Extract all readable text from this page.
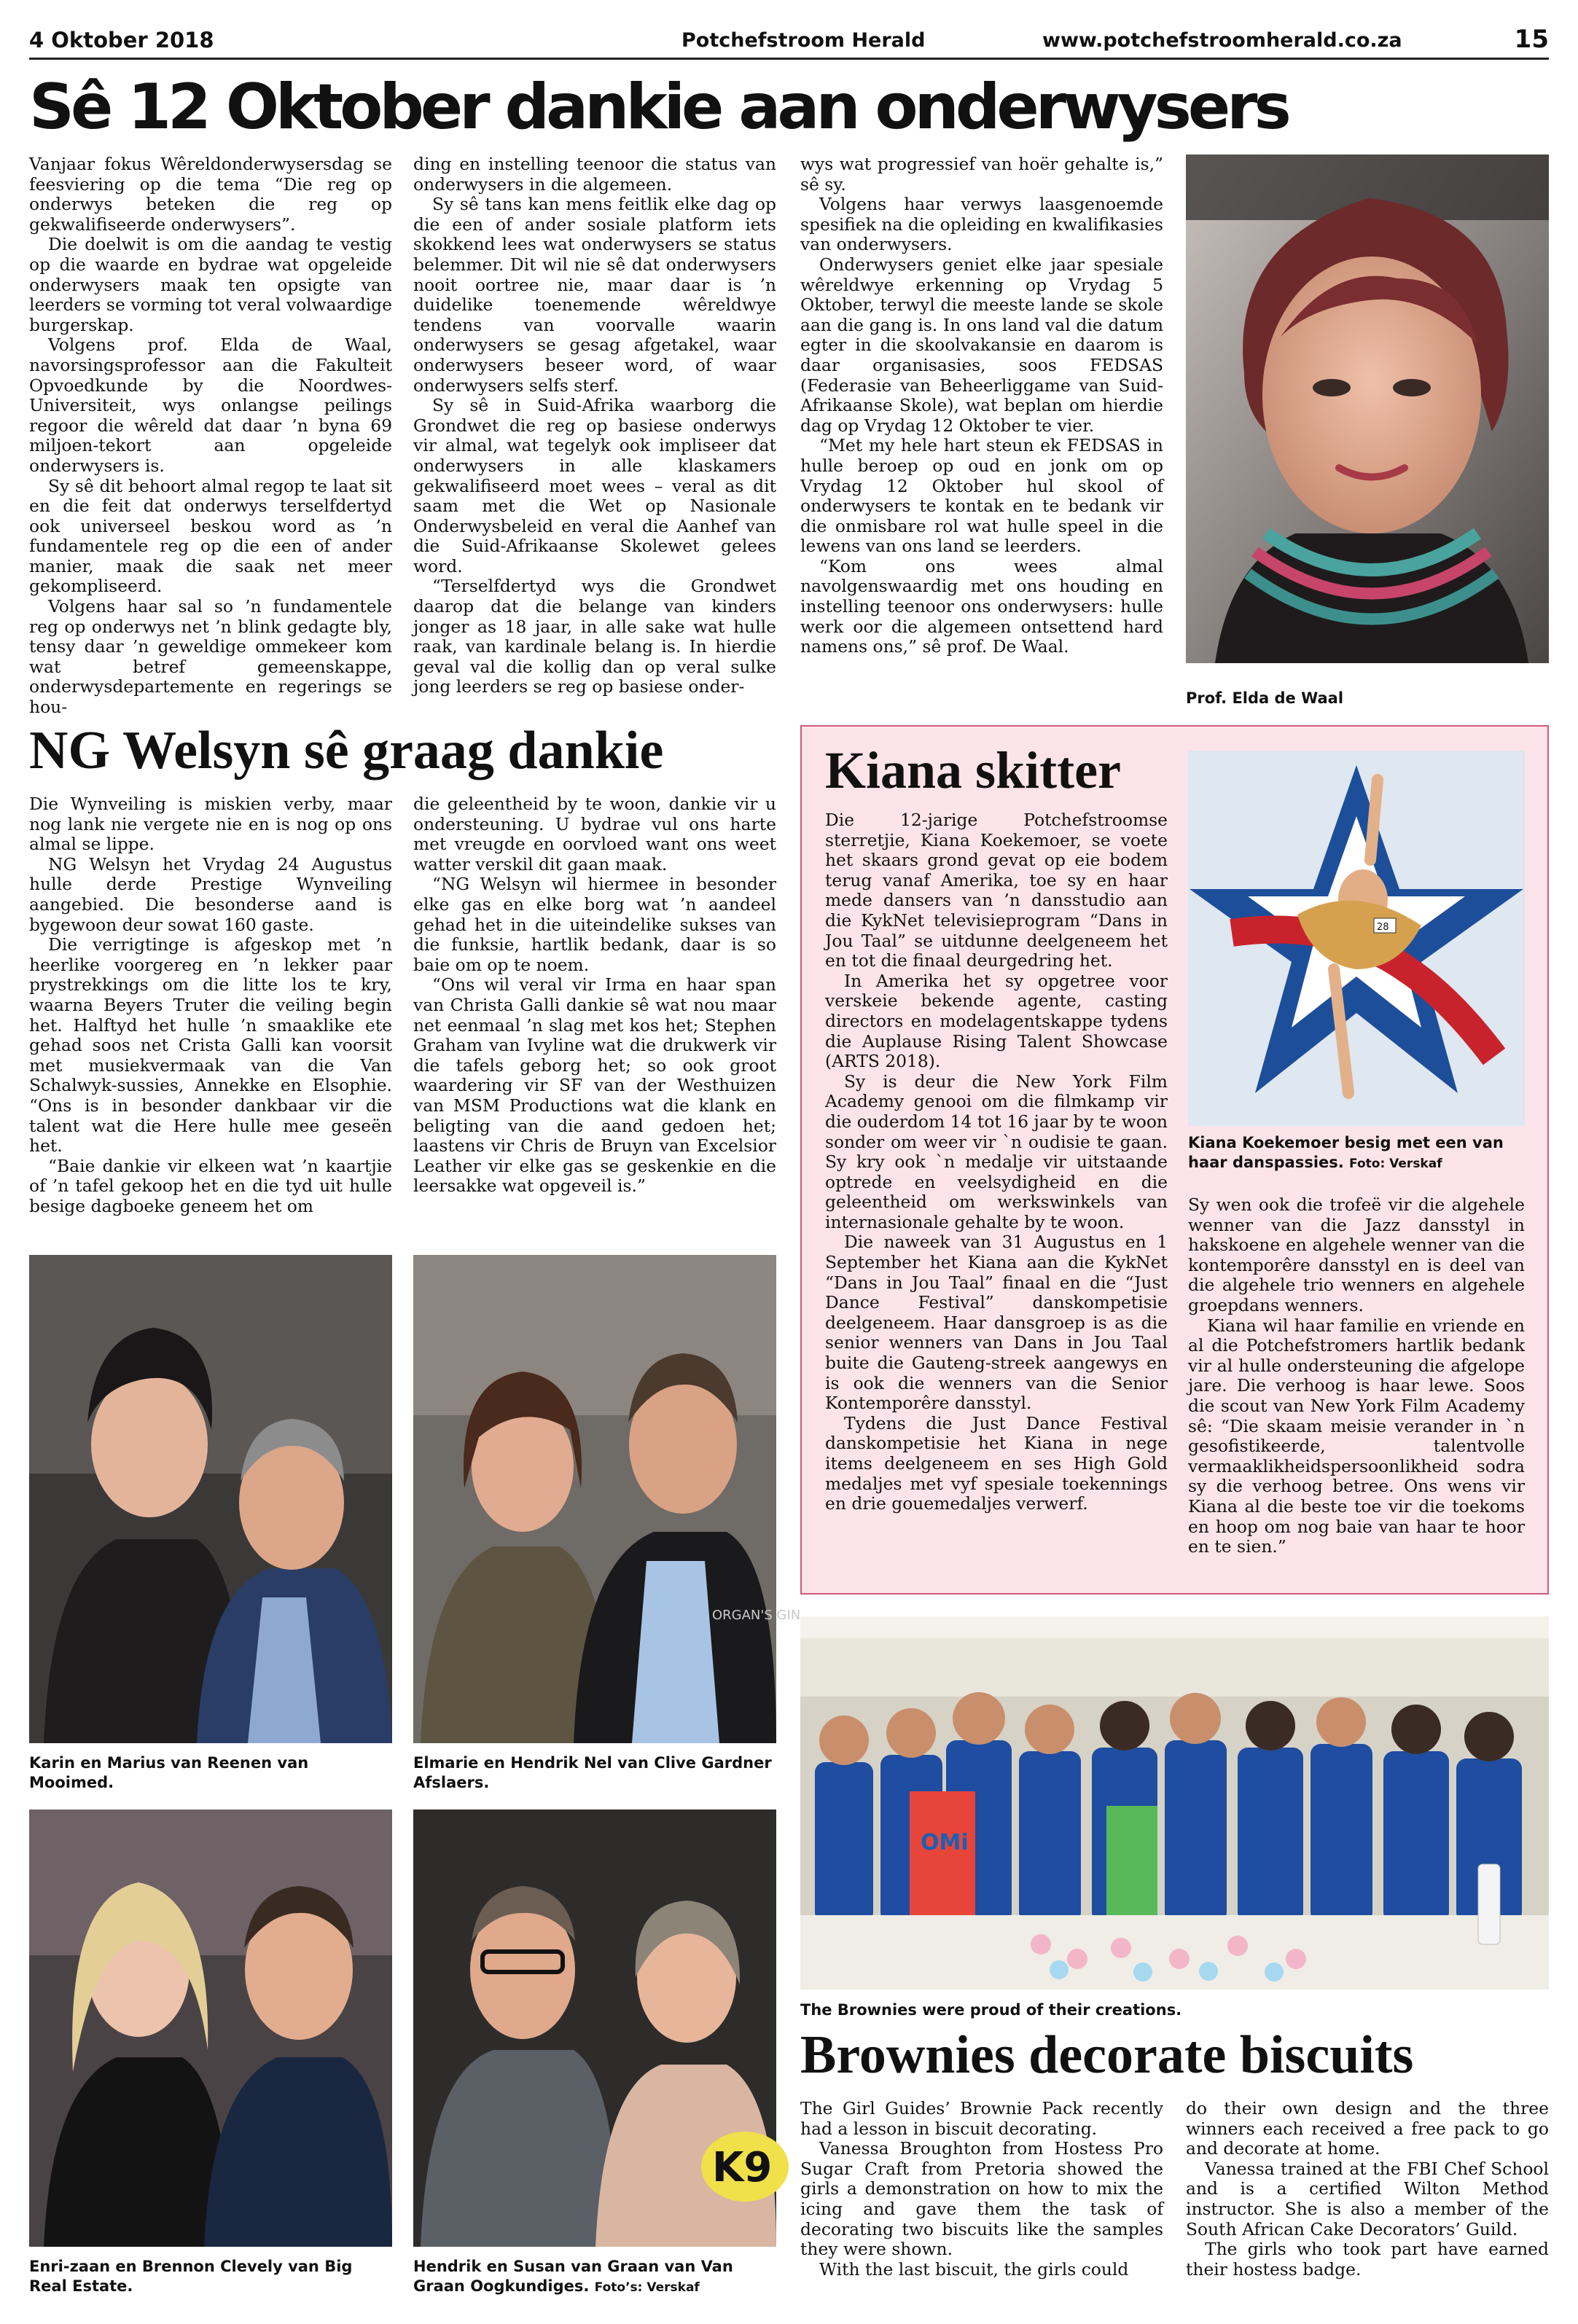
4 Oktober 2018	Potchefstroom Herald	www.potchefstroomherald.co.za	15
Sê 12 Oktober dankie aan onderwysers

Vanjaar fokus Wêreldonderwysersdag se feesviering op die tema “Die reg op onderwys beteken die reg op gekwalifiseerde onderwysers”.

Die doelwit is om die aandag te vestig op die waarde en bydrae wat opgeleide onderwysers maak ten opsigte van leerders se vorming tot veral volwaardige burgerskap.

Volgens prof. Elda de Waal, navorsingsprofessor aan die Fakulteit Opvoedkunde by die Noordwes-Universiteit, wys onlangse peilings regoor die wêreld dat daar ’n byna 69 miljoen-tekort aan opgeleide onderwysers is.

Sy sê dit behoort almal regop te laat sit en die feit dat onderwys terselfdertyd ook universeel beskou word as ’n fundamentele reg op die een of ander manier, maak die saak net meer gekompliseerd.

Volgens haar sal so ’n fundamentele reg op onderwys net ’n blink gedagte bly, tensy daar ’n geweldige ommekeer kom wat betref gemeenskappe, onderwysdepartemente en regerings se hou-

ding en instelling teenoor die status van onderwysers in die algemeen.

Sy sê tans kan mens feitlik elke dag op die een of ander sosiale platform iets skokkend lees wat onderwysers se status belemmer. Dit wil nie sê dat onderwysers nooit oortree nie, maar daar is ’n duidelike toenemende wêreldwye tendens van voorvalle waarin onderwysers se gesag afgetakel, waar onderwysers beseer word, of waar onderwysers selfs sterf.

Sy sê in Suid-Afrika waarborg die Grondwet die reg op basiese onderwys vir almal, wat tegelyk ook impliseer dat onderwysers in alle klaskamers gekwalifiseerd moet wees – veral as dit saam met die Wet op Nasionale Onderwysbeleid en veral die Aanhef van die Suid-Afrikaanse Skolewet gelees word.

“Terselfdertyd wys die Grondwet daarop dat die belange van kinders jonger as 18 jaar, in alle sake wat hulle raak, van kardinale belang is. In hierdie geval val die kollig dan op veral sulke jong leerders se reg op basiese onder-

wys wat progressief van hoër gehalte is,” sê sy.

Volgens haar verwys laasgenoemde spesifiek na die opleiding en kwalifikasies van onderwysers.

Onderwysers geniet elke jaar spesiale wêreldwye erkenning op Vrydag 5 Oktober, terwyl die meeste lande se skole aan die gang is. In ons land val die datum egter in die skoolvakansie en daarom is daar organisasies, soos FEDSAS (Federasie van Beheerliggame van Suid-Afrikaanse Skole), wat beplan om hierdie dag op Vrydag 12 Oktober te vier.

“Met my hele hart steun ek FEDSAS in hulle beroep op oud en jonk om op Vrydag 12 Oktober hul skool of onderwysers te kontak en te bedank vir die onmisbare rol wat hulle speel in die lewens van ons land se leerders.

“Kom ons wees almal navolgenswaardig met ons houding en instelling teenoor ons onderwysers: hulle werk oor die algemeen ontsettend hard namens ons,” sê prof. De Waal.

Prof. Elda de Waal
NG Welsyn sê graag dankie

Die Wynveiling is miskien verby, maar nog lank nie vergete nie en is nog op ons almal se lippe.

NG Welsyn het Vrydag 24 Augustus hulle derde Prestige Wynveiling aangebied. Die besonderse aand is bygewoon deur sowat 160 gaste.

Die verrigtinge is afgeskop met ’n heerlike voorgereg en ’n lekker paar prystrekkings om die litte los te kry, waarna Beyers Truter die veiling begin het. Halftyd het hulle ’n smaaklike ete gehad soos net Crista Galli kan voorsit met musiekvermaak van die Van Schalwyk-sussies, Annekke en Elsophie. “Ons is in besonder dankbaar vir die talent wat die Here hulle mee geseën het.

“Baie dankie vir elkeen wat ’n kaartjie of ’n tafel gekoop het en die tyd uit hulle besige dagboeke geneem het om

die geleentheid by te woon, dankie vir u ondersteuning. U bydrae vul ons harte met vreugde en oorvloed want ons weet watter verskil dit gaan maak.

“NG Welsyn wil hiermee in besonder elke gas en elke borg wat ’n aandeel gehad het in die uiteindelike sukses van die funksie, hartlik bedank, daar is so baie om op te noem.

“Ons wil veral vir Irma en haar span van Christa Galli dankie sê wat nou maar net eenmaal ’n slag met kos het; Stephen Graham van Ivyline wat die drukwerk vir die tafels geborg het; so ook groot waardering vir SF van der Westhuizen van MSM Productions wat die klank en beligting van die aand gedoen het; laastens vir Chris de Bruyn van Excelsior Leather vir elke gas se geskenkie en die leersakke wat opgeveil is.”

ORGAN'S GIN
Karin en Marius van Reenen van Mooimed.
Elmarie en Hendrik Nel van Clive Gardner Afslaers.
K9
Enri-zaan en Brennon Clevely van Big Real Estate.
Hendrik en Susan van Graan van Van Graan Oogkundiges. Foto’s: Verskaf
Kiana skitter

Die 12-jarige Potchefstroomse sterretjie, Kiana Koekemoer, se voete het skaars grond gevat op eie bodem terug vanaf Amerika, toe sy en haar mede dansers van ’n dansstudio aan die KykNet televisieprogram “Dans in Jou Taal” se uitdunne deelgeneem het en tot die finaal deurgedring het.

In Amerika het sy opgetree voor verskeie bekende agente, casting directors en modelagentskappe tydens die Auplause Rising Talent Showcase (ARTS 2018).

Sy is deur die New York Film Academy genooi om die filmkamp vir die ouderdom 14 tot 16 jaar by te woon sonder om weer vir `n oudisie te gaan. Sy kry ook `n medalje vir uitstaande optrede en veelsydigheid en die geleentheid om werkswinkels van internasionale gehalte by te woon.

Die naweek van 31 Augustus en 1 September het Kiana aan die KykNet “Dans in Jou Taal” finaal en die “Just Dance Festival” danskompetisie deelgeneem. Haar dansgroep is as die senior wenners van Dans in Jou Taal buite die Gauteng-streek aangewys en is ook die wenners van die Senior Kontemporêre dansstyl.

Tydens die Just Dance Festival danskompetisie het Kiana in nege items deelgeneem en ses High Gold medaljes met vyf spesiale toekennings en drie gouemedaljes verwerf.

28
Kiana Koekemoer besig met een van haar danspassies. Foto: Verskaf

Sy wen ook die trofeë vir die algehele wenner van die Jazz dansstyl in hakskoene en algehele wenner van die kontemporêre dansstyl en is deel van die algehele trio wenners en algehele groepdans wenners.

Kiana wil haar familie en vriende en al die Potchefstromers hartlik bedank vir al hulle ondersteuning die afgelope jare. Die verhoog is haar lewe. Soos die scout van New York Film Academy sê: “Die skaam meisie verander in `n gesofistikeerde, talentvolle vermaaklikheidspersoonlikheid sodra sy die verhoog betree. Ons wens vir Kiana al die beste toe vir die toekoms en hoop om nog baie van haar te hoor en te sien.”

OMi
The Brownies were proud of their creations.
Brownies decorate biscuits

The Girl Guides’ Brownie Pack recently had a lesson in biscuit decorating.

Vanessa Broughton from Hostess Pro Sugar Craft from Pretoria showed the girls a demonstration on how to mix the icing and gave them the task of decorating two biscuits like the samples they were shown.

With the last biscuit, the girls could

do their own design and the three winners each received a free pack to go and decorate at home.

Vanessa trained at the FBI Chef School and is a certified Wilton Method instructor. She is also a member of the South African Cake Decorators’ Guild.

The girls who took part have earned their hostess badge.
